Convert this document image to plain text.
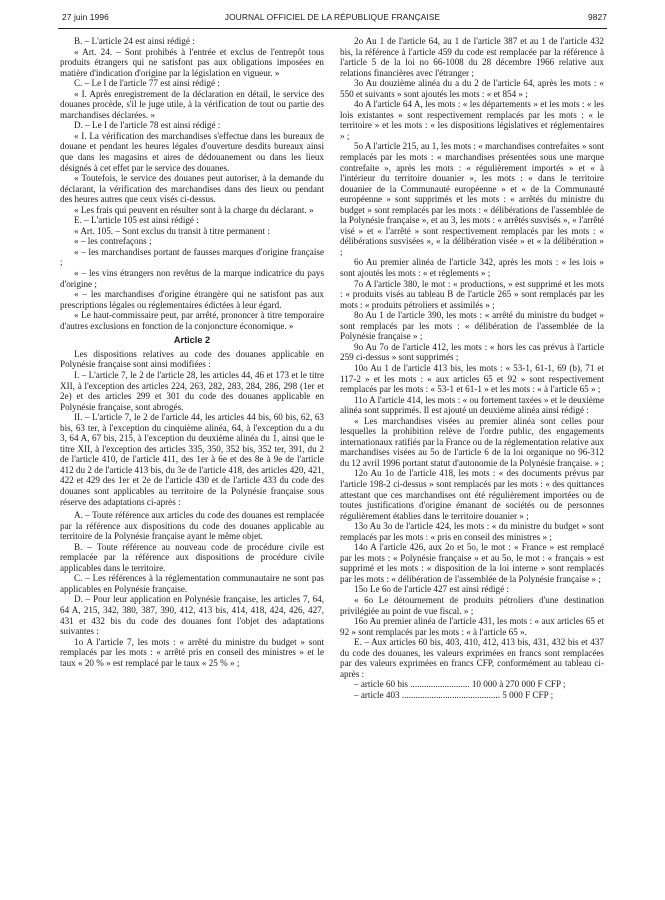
27 juin 1996	JOURNAL OFFICIEL DE LA RÉPUBLIQUE FRANÇAISE	9827

B. – L'article 24 est ainsi rédigé :

« Art. 24. – Sont prohibés à l'entrée et exclus de l'entrepôt tous produits étrangers qui ne satisfont pas aux obligations imposées en matière d'indication d'origine par la législation en vigueur. »

C. – Le I de l'article 77 est ainsi rédigé :

« I. Après enregistrement de la déclaration en détail, le service des douanes procède, s'il le juge utile, à la vérification de tout ou partie des marchandises déclarées. »

D. – Le I de l'article 78 est ainsi rédigé :

« I. La vérification des marchandises s'effectue dans les bureaux de douane et pendant les heures légales d'ouverture desdits bureaux ainsi que dans les magasins et aires de dédouanement ou dans les lieux désignés à cet effet par le service des douanes.

« Toutefois, le service des douanes peut autoriser, à la demande du déclarant, la vérification des marchandises dans des lieux ou pendant des heures autres que ceux visés ci-dessus.

« Les frais qui peuvent en résulter sont à la charge du déclarant. »

E. – L'article 105 est ainsi rédigé :

« Art. 105. – Sont exclus du transit à titre permanent :

« – les contrefaçons ;

« – les marchandises portant de fausses marques d'origine française ;

« – les vins étrangers non revêtus de la marque indicatrice du pays d'origine ;

« – les marchandises d'origine étrangère qui ne satisfont pas aux prescriptions légales ou réglementaires édictées à leur égard.

« Le haut-commissaire peut, par arrêté, prononcer à titre temporaire d'autres exclusions en fonction de la conjoncture économique. »

Article 2

Les dispositions relatives au code des douanes applicable en Polynésie française sont ainsi modifiées :

I. – L'article 7, le 2 de l'article 28, les articles 44, 46 et 173 et le titre XII, à l'exception des articles 224, 263, 282, 283, 284, 286, 298 (1er et 2e) et des articles 299 et 301 du code des douanes applicable en Polynésie française, sont abrogés.

II. – L'article 7, le 2 de l'article 44, les articles 44 bis, 60 bis, 62, 63 bis, 63 ter, à l'exception du cinquième alinéa, 64, à l'exception du a du 3, 64 A, 67 bis, 215, à l'exception du deuxième alinéa du 1, ainsi que le titre XII, à l'exception des articles 335, 350, 352 bis, 352 ter, 391, du 2 de l'article 410, de l'article 411, des 1er à 6e et des 8e à 9e de l'article 412 du 2 de l'article 413 bis, du 3e de l'article 418, des articles 420, 421, 422 et 429 des 1er et 2e de l'article 430 et de l'article 433 du code des douanes sont applicables au territoire de la Polynésie française sous réserve des adaptations ci-après :

A. – Toute référence aux articles du code des douanes est remplacée par la référence aux dispositions du code des douanes applicable au territoire de la Polynésie française ayant le même objet.

B. – Toute référence au nouveau code de procédure civile est remplacée par la référence aux dispositions de procédure civile applicables dans le territoire.

C. – Les références à la réglementation communautaire ne sont pas applicables en Polynésie française.

D. – Pour leur application en Polynésie française, les articles 7, 64, 64 A, 215, 342, 380, 387, 390, 412, 413 bis, 414, 418, 424, 426, 427, 431 et 432 bis du code des douanes font l'objet des adaptations suivantes :

1o A l'article 7, les mots : « arrêté du ministre du budget » sont remplacés par les mots : « arrêté pris en conseil des ministres » et le taux « 20 % » est remplacé par le taux « 25 % » ;

2o Au 1 de l'article 64, au 1 de l'article 387 et au 1 de l'article 432 bis, la référence à l'article 459 du code est remplacée par la référence à l'article 5 de la loi no 66-1008 du 28 décembre 1966 relative aux relations financières avec l'étranger ;

3o Au douzième alinéa du a du 2 de l'article 64, après les mots : « 550 et suivants » sont ajoutés les mots : « et 854 » ;

4o A l'article 64 A, les mots : « les départements » et les mots : « les lois existantes » sont respectivement remplacés par les mots : « le territoire » et les mots : « les dispositions législatives et réglementaires » ;

5o A l'article 215, au 1, les mots : « marchandises contrefaites » sont remplacés par les mots : « marchandises présentées sous une marque contrefaite », après les mots : « régulièrement importés » et « à l'intérieur du territoire douanier », les mots : « dans le territoire douanier de la Communauté européenne » et « de la Communauté européenne » sont supprimés et les mots : « arrêtés du ministre du budget » sont remplacés par les mots : « délibérations de l'assemblée de la Polynésie française », et au 3, les mots : « arrêtés susvisés », « l'arrêté visé » et « l'arrêté » sont respectivement remplacés par les mots : « délibérations susvisées », « la délibération visée » et « la délibération » ;

6o Au premier alinéa de l'article 342, après les mots : « les lois » sont ajoutés les mots : « et règlements » ;

7o A l'article 380, le mot : « productions, » est supprimé et les mots : « produits visés au tableau B de l'article 265 » sont remplacés par les mots : « produits pétroliers et assimilés » ;

8o Au 1 de l'article 390, les mots : « arrêté du ministre du budget » sont remplacés par les mots : « délibération de l'assemblée de la Polynésie française » ;

9o Au 7o de l'article 412, les mots : « hors les cas prévus à l'article 259 ci-dessus » sont supprimés ;

10o Au 1 de l'article 413 bis, les mots : « 53-1, 61-1, 69 (b), 71 et 117-2 » et les mots : « aux articles 65 et 92 » sont respectivement remplacés par les mots : « 53-1 et 61-1 » et les mots : « à l'article 65 » ;

11o A l'article 414, les mots : « ou fortement taxées » et le deuxième alinéa sont supprimés. Il est ajouté un deuxième alinéa ainsi rédigé :

« Les marchandises visées au premier alinéa sont celles pour lesquelles la prohibition relève de l'ordre public, des engagements internationaux ratifiés par la France ou de la réglementation relative aux marchandises visées au 5o de l'article 6 de la loi organique no 96-312 du 12 avril 1996 portant statut d'autonomie de la Polynésie française. » ;

12o Au 1o de l'article 418, les mots : « des documents prévus par l'article 198-2 ci-dessus » sont remplacés par les mots : « des quittances attestant que ces marchandises ont été régulièrement importées ou de toutes justifications d'origine émanant de sociétés ou de personnes régulièrement établies dans le territoire douanier » ;

13o Au 3o de l'article 424, les mots : « du ministre du budget » sont remplacés par les mots : « pris en conseil des ministres » ;

14o A l'article 426, aux 2o et 5o, le mot : « France » est remplacé par les mots : « Polynésie française » et au 5o, le mot : « français » est supprimé et les mots : « disposition de la loi interne » sont remplacés par les mots : « délibération de l'assemblée de la Polynésie française » ;

15o Le 6o de l'article 427 est ainsi rédigé :

« 6o Le détournement de produits pétroliers d'une destination privilégiée au point de vue fiscal. » ;

16o Au premier alinéa de l'article 431, les mots : « aux articles 65 et 92 » sont remplacés par les mots : « à l'article 65 ».

E. – Aux articles 60 bis, 403, 410, 412, 413 bis, 431, 432 bis et 437 du code des douanes, les valeurs exprimées en francs sont remplacées par des valeurs exprimées en francs CFP, conformément au tableau ci-après :

– article 60 bis .......................... 10 000 à 270 000 F CFP ;

– article 403 ........................................... 5 000 F CFP ;
